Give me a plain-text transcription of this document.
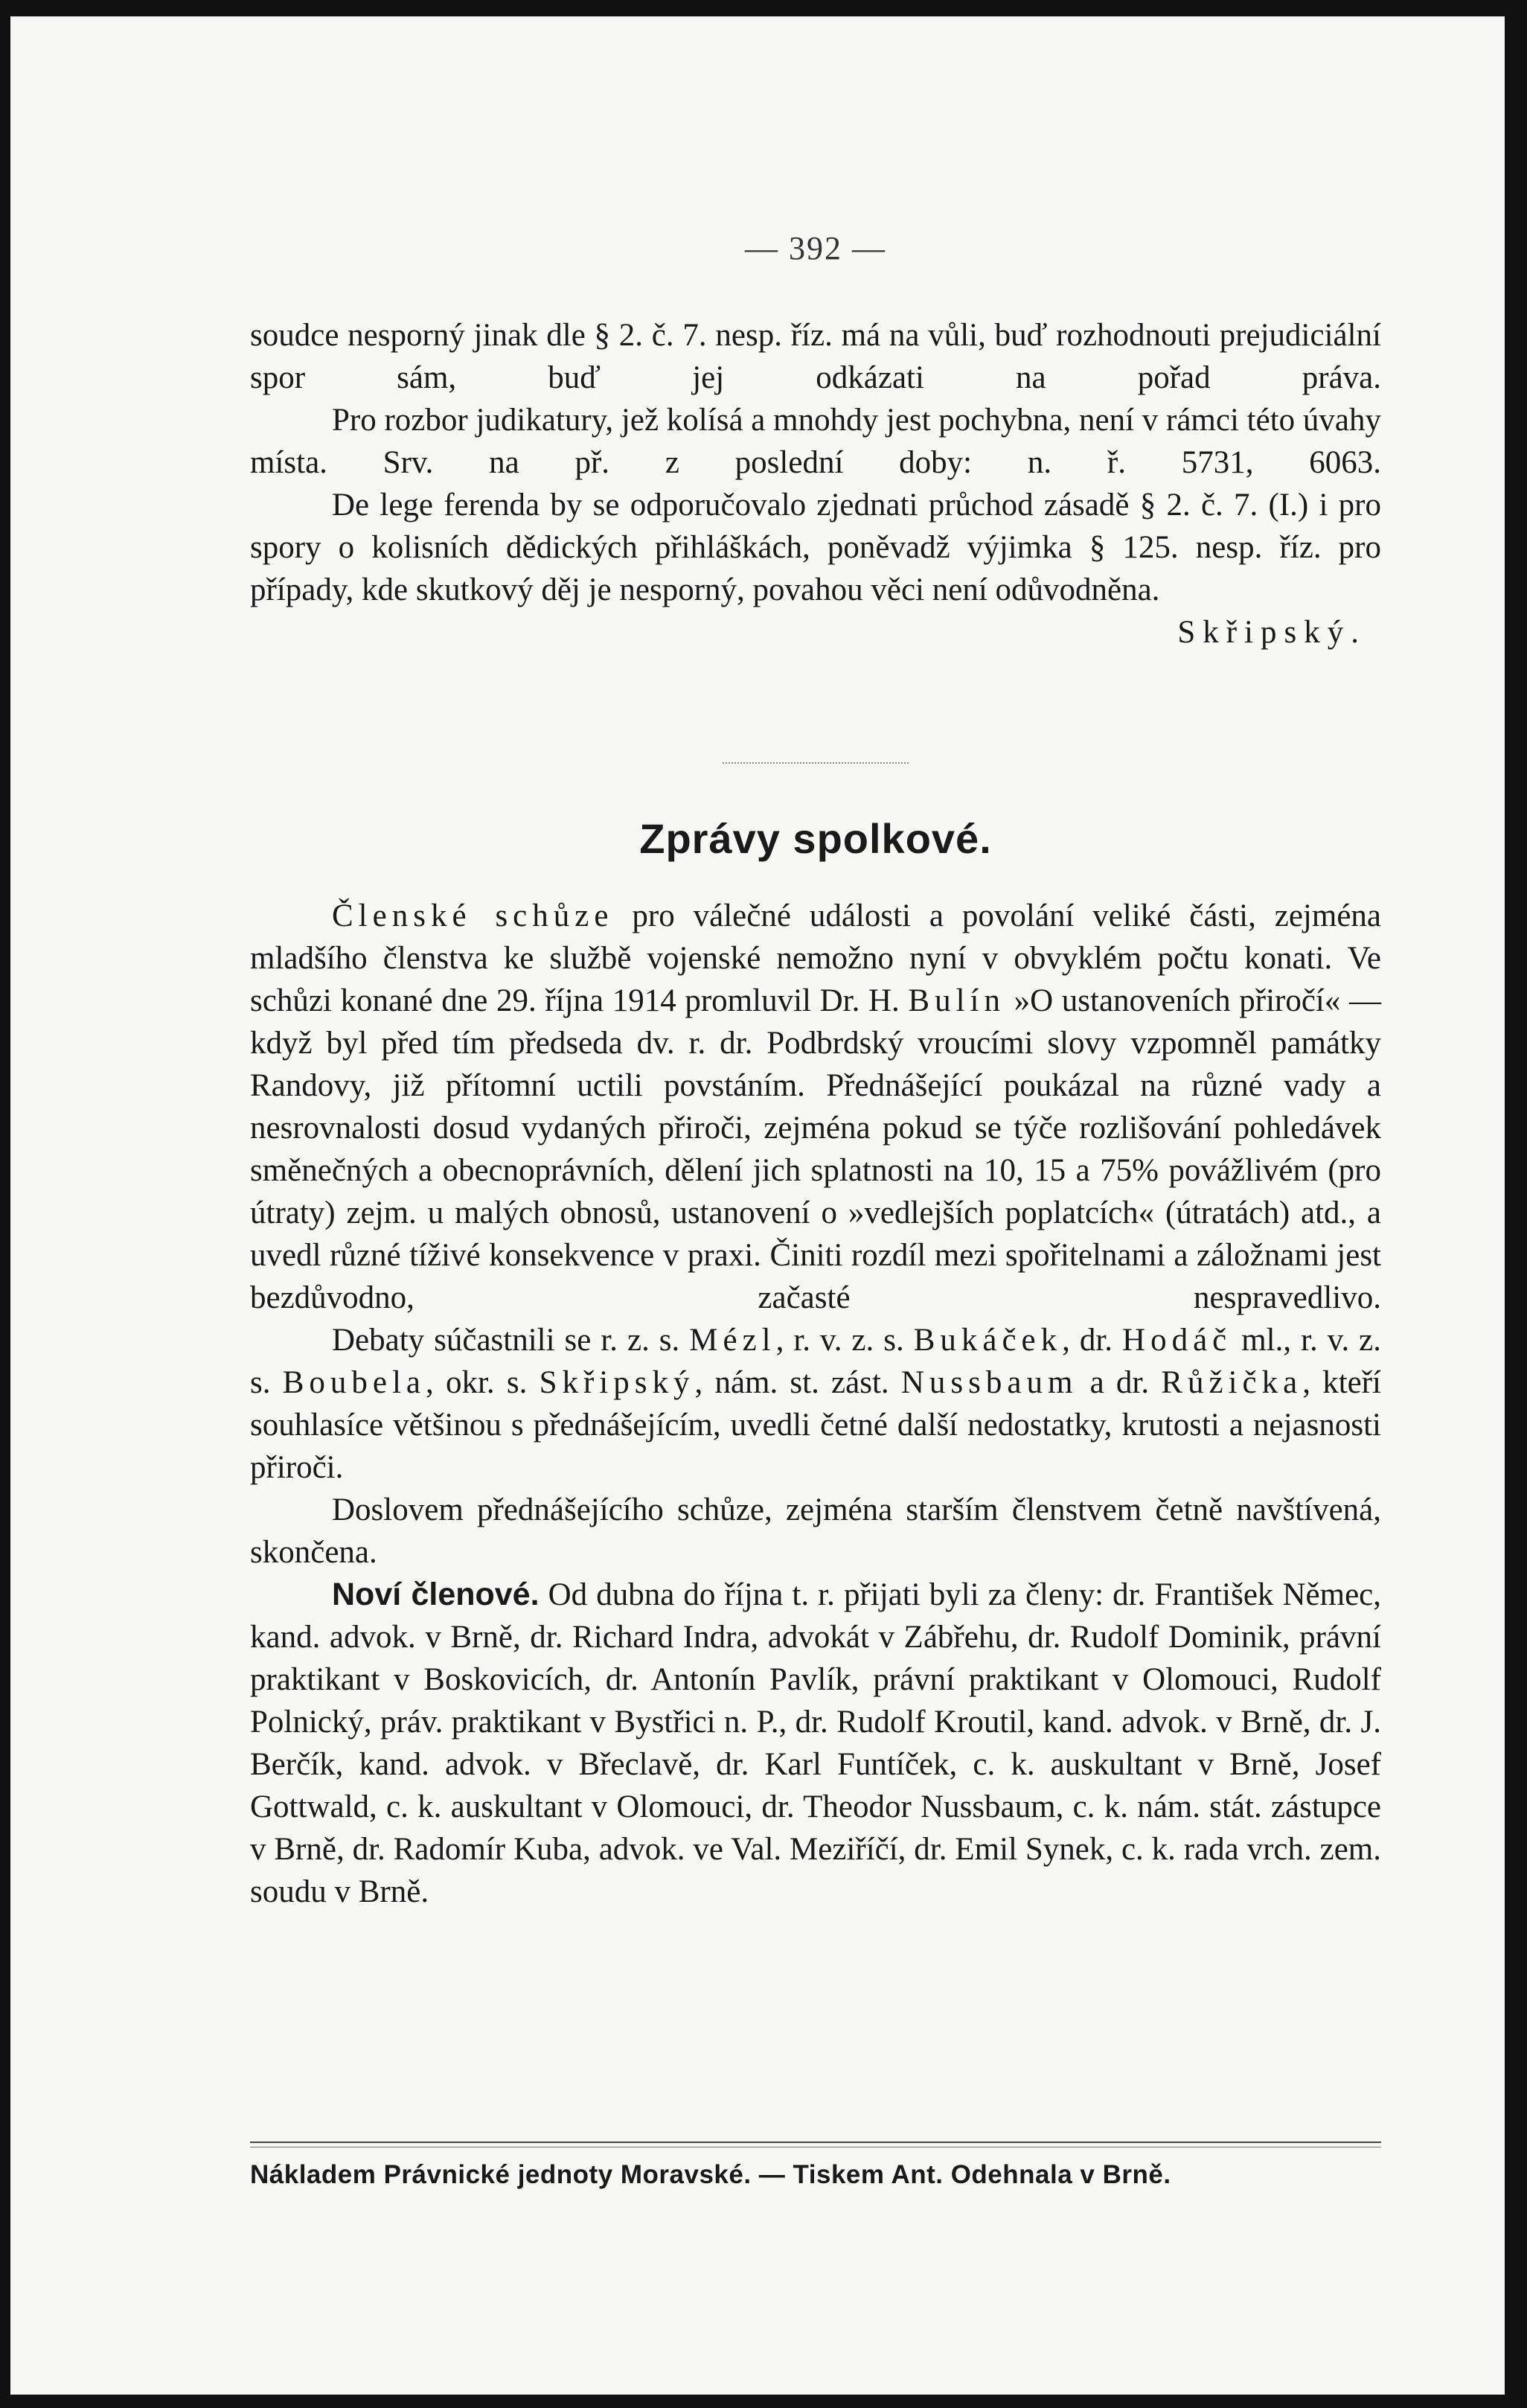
— 392 —

soudce nesporný jinak dle § 2. č. 7. nesp. říz. má na vůli, buď rozhodnouti prejudiciální spor sám, buď jej odkázati na pořad práva.

Pro rozbor judikatury, jež kolísá a mnohdy jest pochybna, není v rámci této úvahy místa. Srv. na př. z poslední doby: n. ř. 5731, 6063.

De lege ferenda by se odporučovalo zjednati průchod zásadě § 2. č. 7. (I.) i pro spory o kolisních dědických přihláškách, poněvadž výjimka § 125. nesp. říz. pro případy, kde skutkový děj je nesporný, povahou věci není odůvodněna.
Skřipský.

Zprávy spolkové.

Členské schůze pro válečné události a povolání veliké části, zejména mladšího členstva ke službě vojenské nemožno nyní v obvyklém počtu konati. Ve schůzi konané dne 29. října 1914 promluvil Dr. H. Bulín »O ustanoveních přiročí« — když byl před tím předseda dv. r. dr. Podbrdský vroucími slovy vzpomněl památky Randovy, již přítomní uctili povstáním. Přednášející poukázal na různé vady a nesrovnalosti dosud vydaných přiroči, zejména pokud se týče rozlišování pohledávek směnečných a obecnoprávních, dělení jich splatnosti na 10, 15 a 75% povážlivém (pro útraty) zejm. u malých obnosů, ustanovení o »vedlejších poplatcích« (útratách) atd., a uvedl různé tíživé konsekvence v praxi. Činiti rozdíl mezi spořitelnami a záložnami jest bezdůvodno, začasté nespravedlivo.

Debaty súčastnili se r. z. s. Mézl, r. v. z. s. Bukáček, dr. Hodáč ml., r. v. z. s. Boubela, okr. s. Skřipský, nám. st. zást. Nussbaum a dr. Růžička, kteří souhlasíce většinou s přednášejícím, uvedli četné další nedostatky, krutosti a nejasnosti přiroči.

Doslovem přednášejícího schůze, zejména starším členstvem četně navštívená, skončena.

Noví členové. Od dubna do října t. r. přijati byli za členy: dr. František Němec, kand. advok. v Brně, dr. Richard Indra, advokát v Zábřehu, dr. Rudolf Dominik, právní praktikant v Boskovicích, dr. Antonín Pavlík, právní praktikant v Olomouci, Rudolf Polnický, práv. praktikant v Bystřici n. P., dr. Rudolf Kroutil, kand. advok. v Brně, dr. J. Berčík, kand. advok. v Břeclavě, dr. Karl Funtíček, c. k. auskultant v Brně, Josef Gottwald, c. k. auskultant v Olomouci, dr. Theodor Nussbaum, c. k. nám. stát. zástupce v Brně, dr. Radomír Kuba, advok. ve Val. Meziříčí, dr. Emil Synek, c. k. rada vrch. zem. soudu v Brně.

Nákladem Právnické jednoty Moravské. — Tiskem Ant. Odehnala v Brně.
